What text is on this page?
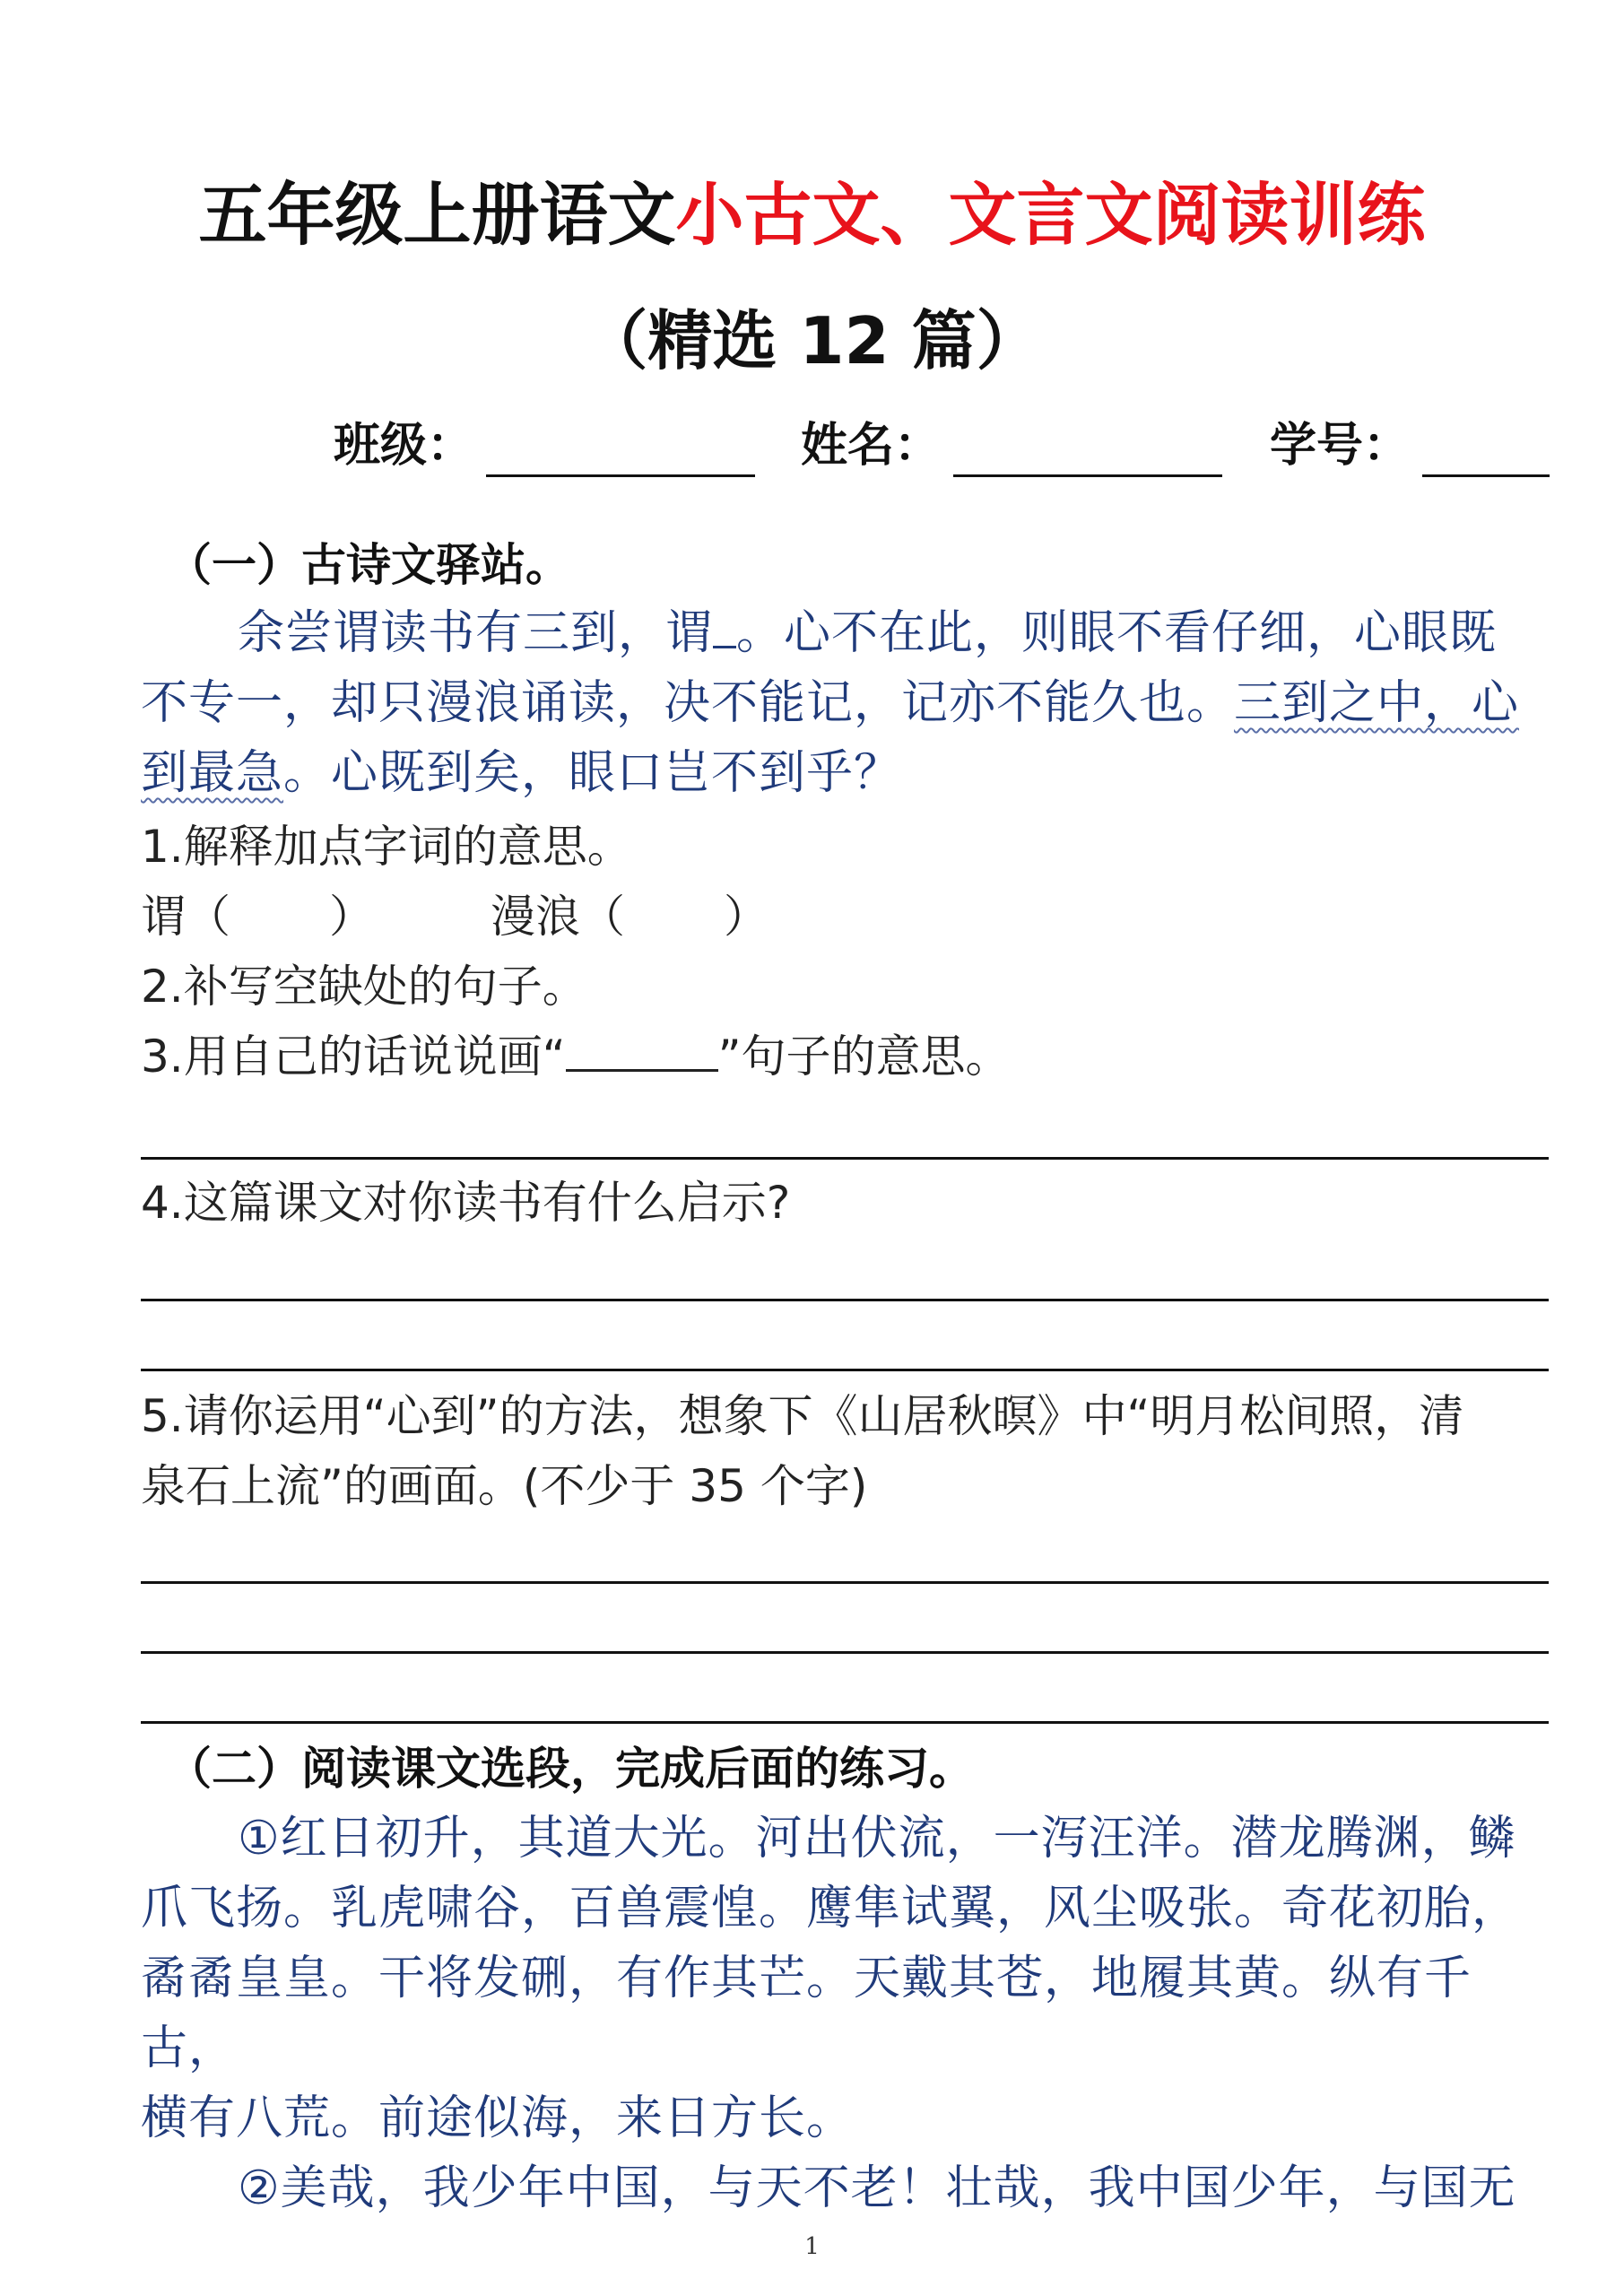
五年级上册语文小古文、文言文阅读训练
（精选 12 篇）
班级：	姓名：	学号：
（一）古诗文驿站。
余尝谓读书有三到，谓 。心不在此，则眼不看仔细，心眼既
不专一，却只漫浪诵读，决不能记，记亦不能久也。三到之中，心
到最急。心既到矣，眼口岂不到乎？
1.解释加点字词的意思。
谓（ ）	漫浪（ ）
2.补写空缺处的句子。
3.用自己的话说说画“	”句子的意思。
4.这篇课文对你读书有什么启示?
5.请你运用“心到”的方法，想象下《山居秋暝》中“明月松间照，清
泉石上流”的画面。(不少于 35 个字)
（二）阅读课文选段，完成后面的练习。
①红日初升，其道大光。河出伏流，一泻汪洋。潜龙腾渊，鳞
爪飞扬。乳虎啸谷，百兽震惶。鹰隼试翼，风尘吸张。奇花初胎，
矞矞皇皇。干将发硎，有作其芒。天戴其苍，地履其黄。纵有千古，
横有八荒。前途似海，来日方长。
②美哉，我少年中国，与天不老！壮哉，我中国少年，与国无
1
